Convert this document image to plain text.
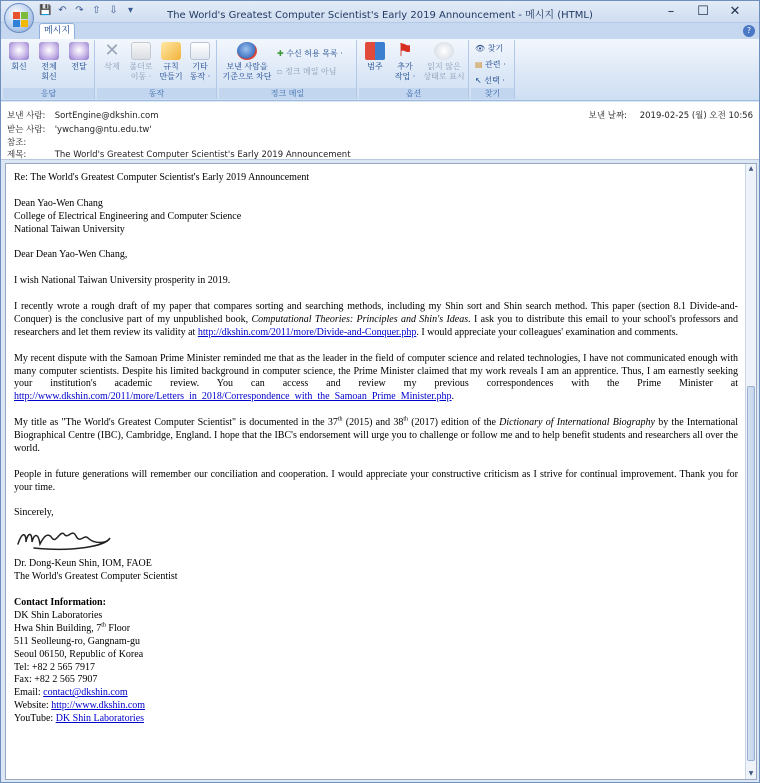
💾 ↶ ↷ ⇧ ⇩	▾	The World's Greatest Computer Scientist's Early 2019 Announcement - 메시지 (HTML)	–	☐	✕
메시지	?
회신	전체
회신
전달
응답
✕
삭제	폴더로
이동 ·
규칙
만들기
기타
동작 ·
동작
보낸 사람을
기준으로 차단
✚ 수신 허용 목록 ·
▫ 정크 메일 아님
정크 메일
범주
⚑
추가
작업 ·
읽지 않은
상태로 표시
옵션
👁 찾기
▤ 관련 ·
↖ 선택 ·
찾기
보낸 사람: SortEngine@dkshin.com
받는 사람: 'ywchang@ntu.edu.tw'
참조:
제목:	The World's Greatest Computer Scientist's Early 2019 Announcement
보낸 날짜: 2019-02-25 (월) 오전 10:56

Re: The World's Greatest Computer Scientist's Early 2019 Announcement

Dean Yao-Wen Chang
College of Electrical Engineering and Computer Science
National Taiwan University

Dear Dean Yao-Wen Chang,

I wish National Taiwan University prosperity in 2019.

I recently wrote a rough draft of my paper that compares sorting and searching methods, including my Shin sort and Shin search method. This paper (section 8.1 Divide-and-Conquer) is the conclusive part of my unpublished book, Computational Theories: Principles and Shin's Ideas. I ask you to distribute this email to your school's professors and researchers and let them review its validity at http://dkshin.com/2011/more/Divide-and-Conquer.php. I would appreciate your colleagues' examination and comments.

My recent dispute with the Samoan Prime Minister reminded me that as the leader in the field of computer science and related technologies, I have not communicated enough with many computer scientists. Despite his limited background in computer science, the Prime Minister claimed that my work reveals I am an apprentice. Thus, I am earnestly seeking your institution's academic review. You can access and review my previous correspondences with the Prime Minister at http://www.dkshin.com/2011/more/Letters_in_2018/Correspondence_with_the_Samoan_Prime_Minister.php.

My title as "The World's Greatest Computer Scientist" is documented in the 37th (2015) and 38th (2017) edition of the Dictionary of International Biography by the International Biographical Centre (IBC), Cambridge, England. I hope that the IBC's endorsement will urge you to challenge or follow me and to help benefit students and researchers all over the world.

People in future generations will remember our conciliation and cooperation. I would appreciate your constructive criticism as I strive for continual improvement. Thank you for your time.

Sincerely,
Dr. Dong-Keun Shin, IOM, FAOE

The World's Greatest Computer Scientist

Contact Information:
DK Shin Laboratories
Hwa Shin Building, 7th Floor
511 Seolleung-ro, Gangnam-gu
Seoul 06150, Republic of Korea
Tel: +82 2 565 7917
Fax: +82 2 565 7907
Email: contact@dkshin.com
Website: http://www.dkshin.com
YouTube: DK Shin Laboratories
▲
▼
